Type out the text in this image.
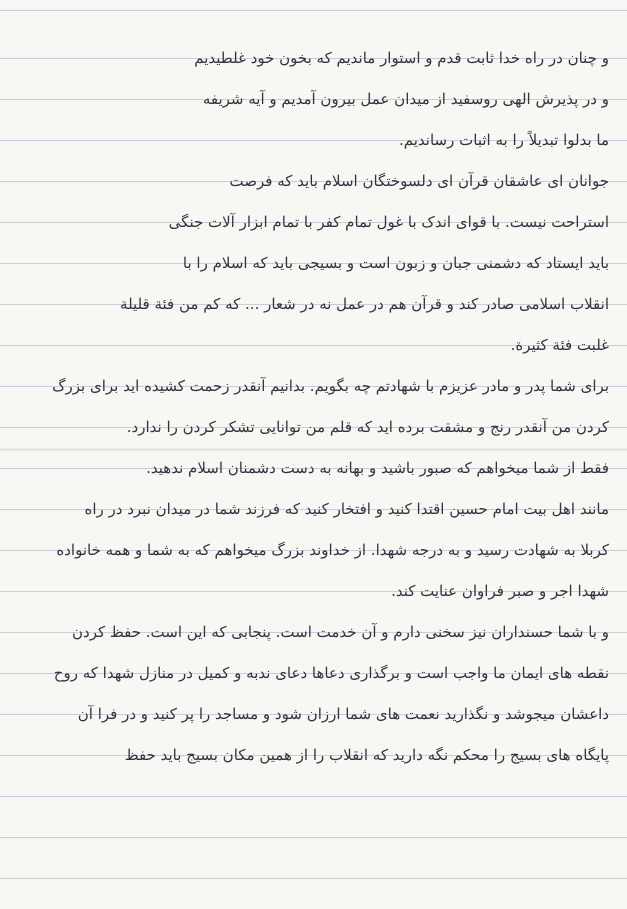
و چنان در راه خدا ثابت قدم و استوار ماندیم که بخون خود غلطیدیم
و در پذیرش الهی روسفید از میدان عمل بیرون آمدیم و آیه شریفه
ما بدلوا تبدیلاً را به اثبات رساندیم.
جوانان ای عاشقان قرآن ای دلسوختگان اسلام باید که فرصت
استراحت نیست. با قوای اندک با غول تمام کفر با تمام ابزار آلات جنگی
باید ایستاد که دشمنی جبان و زبون است و بسیجی باید که اسلام را با
انقلاب اسلامی صادر کند و قرآن هم در عمل نه در شعار ... که کم من فئة قلیلة
غلبت فئة کثیرة.
برای شما پدر و مادر عزیزم با شهادتم چه بگویم. بدانیم آنقدر زحمت کشیده اید برای بزرگ
کردن من آنقدر رنج و مشقت برده اید که قلم من توانایی تشکر کردن را ندارد.
فقط از شما میخواهم که صبور باشید و بهانه به دست دشمنان اسلام ندهید.
مانند اهل بیت امام حسین اقتدا کنید و افتخار کنید که فرزند شما در میدان نبرد در راه
کربلا به شهادت رسید و به درجه شهدا. از خداوند بزرگ میخواهم که به شما و همه خانواده
شهدا اجر و صبر فراوان عنایت کند.
و با شما حسنداران نیز سخنی دارم و آن خدمت است. پنجابی که این است. حفظ کردن
نقطه های ایمان ما واجب است و برگذاری دعاها دعای ندبه و کمیل در منازل شهدا که روح
داعشان میجوشد و نگذارید نعمت های شما ارزان شود و مساجد را پر کنید و در فرا آن
پایگاه های بسیج را محکم نگه دارید که انقلاب را از همین مکان بسیج باید حفظ
